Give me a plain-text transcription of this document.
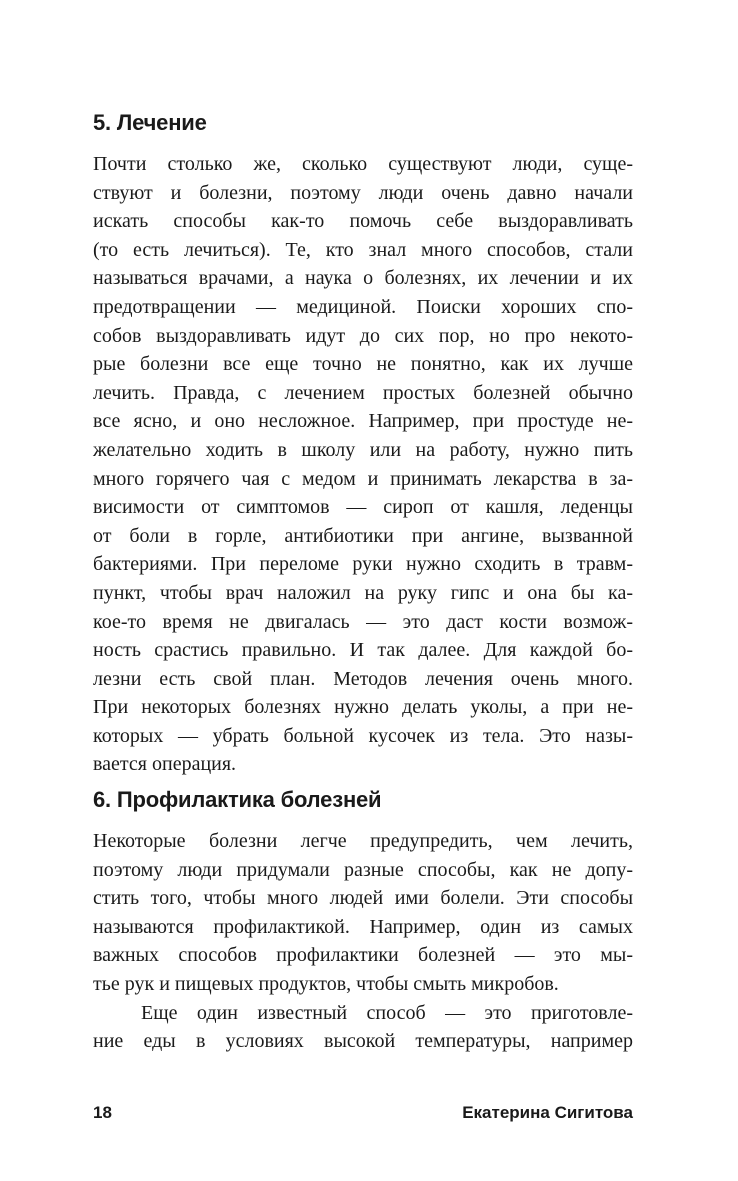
5. Лечение
Почти столько же, сколько существуют люди, суще-
ствуют и болезни, поэтому люди очень давно начали
искать способы как-то помочь себе выздоравливать
(то есть лечиться). Те, кто знал много способов, стали
называться врачами, а наука о болезнях, их лечении и их
предотвращении — медициной. Поиски хороших спо-
собов выздоравливать идут до сих пор, но про некото-
рые болезни все еще точно не понятно, как их лучше
лечить. Правда, с лечением простых болезней обычно
все ясно, и оно несложное. Например, при простуде не-
желательно ходить в школу или на работу, нужно пить
много горячего чая с медом и принимать лекарства в за-
висимости от симптомов — сироп от кашля, леденцы
от боли в горле, антибиотики при ангине, вызванной
бактериями. При переломе руки нужно сходить в травм-
пункт, чтобы врач наложил на руку гипс и она бы ка-
кое-то время не двигалась — это даст кости возмож-
ность срастись правильно. И так далее. Для каждой бо-
лезни есть свой план. Методов лечения очень много.
При некоторых болезнях нужно делать уколы, а при не-
которых — убрать больной кусочек из тела. Это назы-
вается операция.
6. Профилактика болезней
Некоторые болезни легче предупредить, чем лечить,
поэтому люди придумали разные способы, как не допу-
стить того, чтобы много людей ими болели. Эти способы
называются профилактикой. Например, один из самых
важных способов профилактики болезней — это мы-
тье рук и пищевых продуктов, чтобы смыть микробов.
Еще один известный способ — это приготовле-
ние еды в условиях высокой температуры, например
18	Екатерина Сигитова
